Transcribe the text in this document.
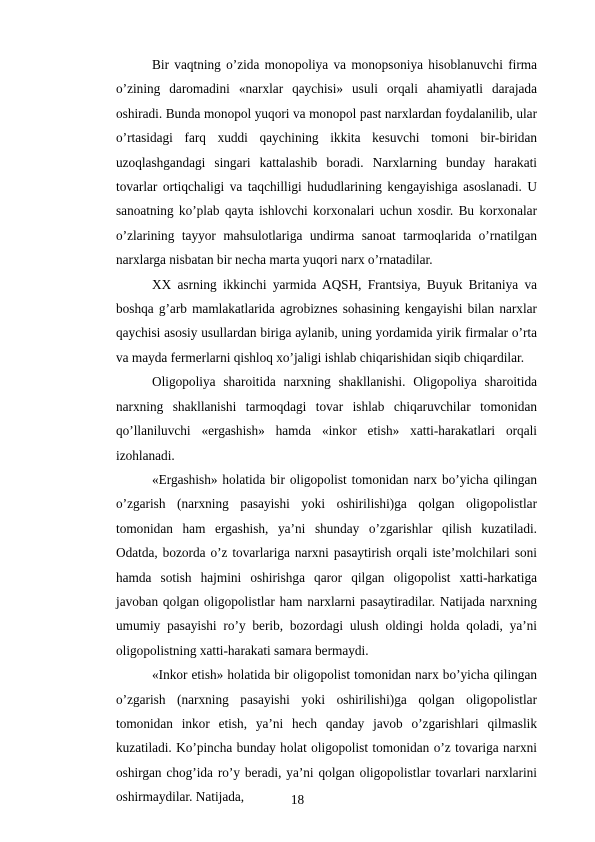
Bir vaqtning o’zida monopoliya va monopsoniya hisoblanuvchi firma o’zining daromadini «narxlar qaychisi» usuli orqali ahamiyatli darajada oshiradi. Bunda monopol yuqori va monopol past narxlardan foydalanilib, ular o’rtasidagi farq xuddi qaychining ikkita kesuvchi tomoni bir-biridan uzoqlashgandagi singari kattalashib boradi. Narxlarning bunday harakati tovarlar ortiqchaligi va taqchilligi hududlarining kengayishiga asoslanadi. U sanoatning ko’plab qayta ishlovchi korxonalari uchun xosdir. Bu korxonalar o’zlarining tayyor mahsulotlariga undirma sanoat tarmoqlarida o’rnatilgan narxlarga nisbatan bir necha marta yuqori narx o’rnatadilar.

XX asrning ikkinchi yarmida AQSH, Frantsiya, Buyuk Britaniya va boshqa g’arb mamlakatlarida agrobiznes sohasining kengayishi bilan narxlar qaychisi asosiy usullardan biriga aylanib, uning yordamida yirik firmalar o’rta va mayda fermerlarni qishloq xo’jaligi ishlab chiqarishidan siqib chiqardilar.

Oligopoliya sharoitida narxning shakllanishi. Oligopoliya sharoitida narxning shakllanishi tarmoqdagi tovar ishlab chiqaruvchilar tomonidan qo’llaniluvchi «ergashish» hamda «inkor etish» xatti-harakatlari orqali izohlanadi.

«Ergashish» holatida bir oligopolist tomonidan narx bo’yicha qilingan o’zgarish (narxning pasayishi yoki oshirilishi)ga qolgan oligopolistlar tomonidan ham ergashish, ya’ni shunday o’zgarishlar qilish kuzatiladi. Odatda, bozorda o’z tovarlariga narxni pasaytirish orqali iste’molchilari soni hamda sotish hajmini oshirishga qaror qilgan oligopolist xatti-harkatiga javoban qolgan oligopolistlar ham narxlarni pasaytiradilar. Natijada narxning umumiy pasayishi ro’y berib, bozordagi ulush oldingi holda qoladi, ya’ni oligopolistning xatti-harakati samara bermaydi.

«Inkor etish» holatida bir oligopolist tomonidan narx bo’yicha qilingan o’zgarish (narxning pasayishi yoki oshirilishi)ga qolgan oligopolistlar tomonidan inkor etish, ya’ni hech qanday javob o’zgarishlari qilmaslik kuzatiladi. Ko’pincha bunday holat oligopolist tomonidan o’z tovariga narxni oshirgan chog’ida ro’y beradi, ya’ni qolgan oligopolistlar tovarlari narxlarini oshirmaydilar. Natijada,	18
